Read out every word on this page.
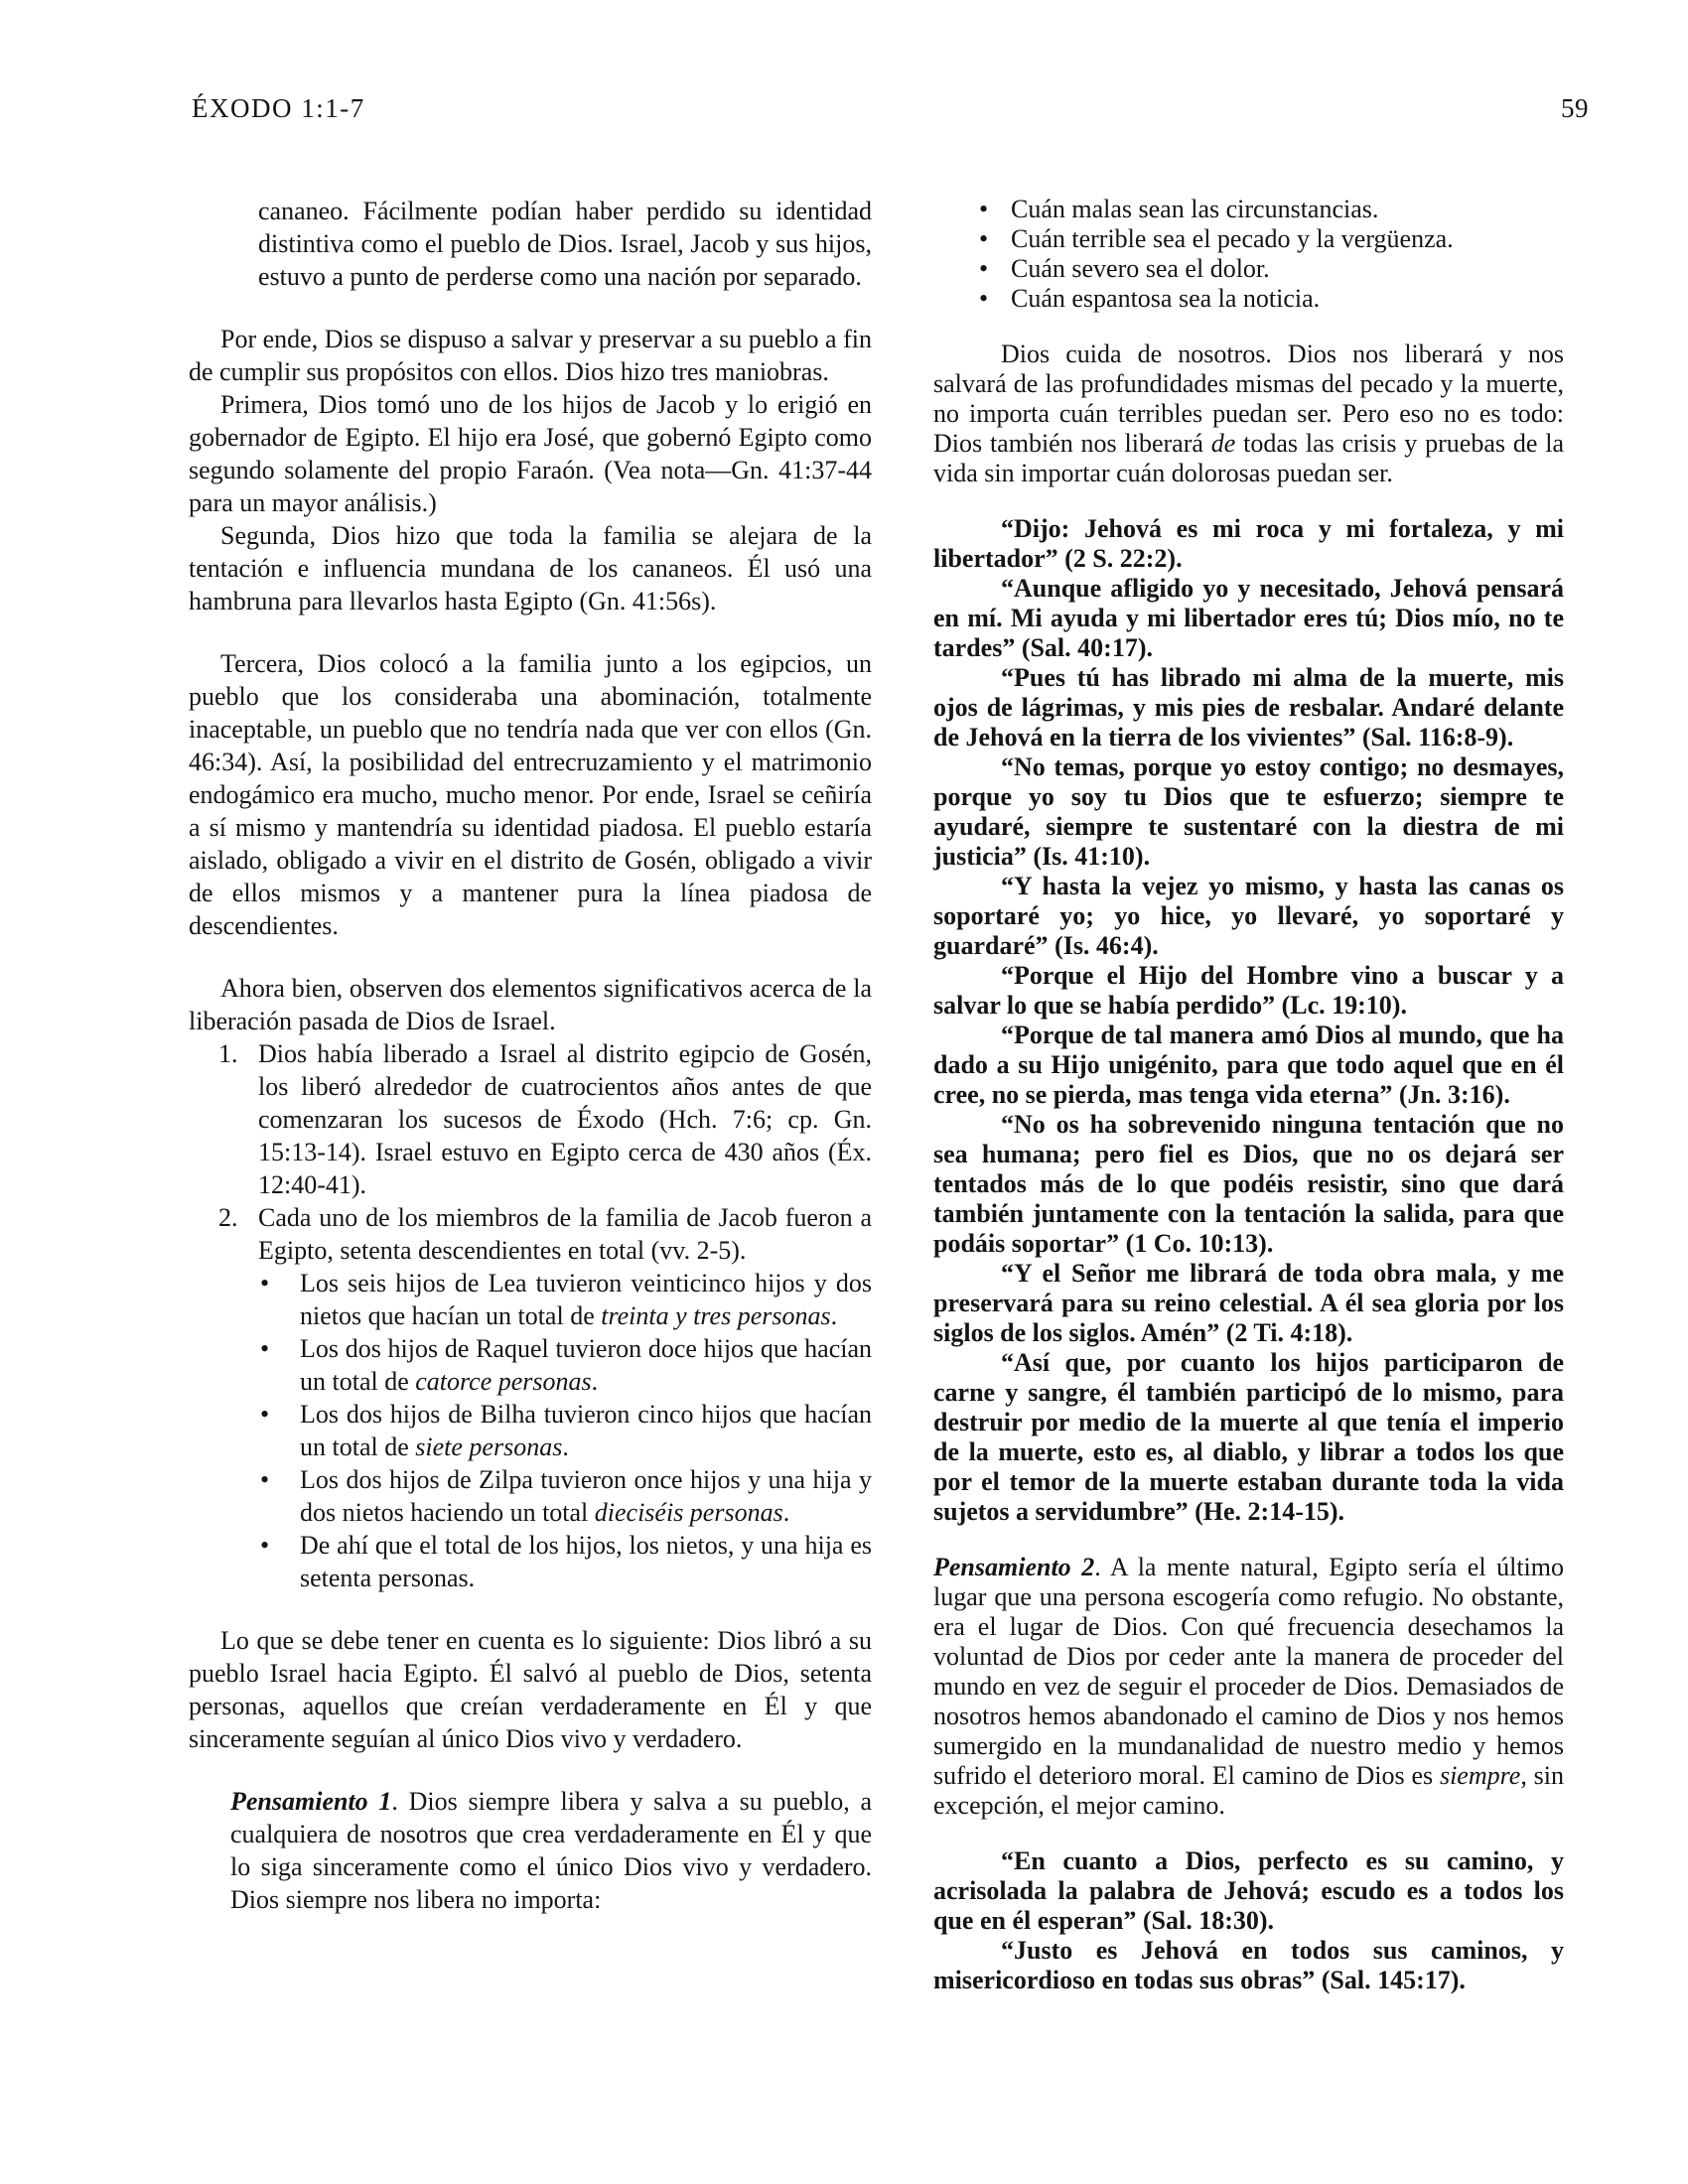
ÉXODO 1:1-7	59
cananeo. Fácilmente podían haber perdido su identidad distintiva como el pueblo de Dios. Israel, Jacob y sus hijos, estuvo a punto de perderse como una nación por separado.
Por ende, Dios se dispuso a salvar y preservar a su pueblo a fin de cumplir sus propósitos con ellos. Dios hizo tres maniobras.
Primera, Dios tomó uno de los hijos de Jacob y lo erigió en gobernador de Egipto. El hijo era José, que gobernó Egipto como segundo solamente del propio Faraón. (Vea nota—Gn. 41:37-44 para un mayor análisis.)
Segunda, Dios hizo que toda la familia se alejara de la tentación e influencia mundana de los cananeos. Él usó una hambruna para llevarlos hasta Egipto (Gn. 41:56s).
Tercera, Dios colocó a la familia junto a los egipcios, un pueblo que los consideraba una abominación, totalmente inaceptable, un pueblo que no tendría nada que ver con ellos (Gn. 46:34). Así, la posibilidad del entrecruzamiento y el matrimonio endogámico era mucho, mucho menor. Por ende, Israel se ceñiría a sí mismo y mantendría su identidad piadosa. El pueblo estaría aislado, obligado a vivir en el distrito de Gosén, obligado a vivir de ellos mismos y a mantener pura la línea piadosa de descendientes.
Ahora bien, observen dos elementos significativos acerca de la liberación pasada de Dios de Israel.
1. Dios había liberado a Israel al distrito egipcio de Gosén, los liberó alrededor de cuatrocientos años antes de que comenzaran los sucesos de Éxodo (Hch. 7:6; cp. Gn. 15:13-14). Israel estuvo en Egipto cerca de 430 años (Éx. 12:40-41).
2. Cada uno de los miembros de la familia de Jacob fueron a Egipto, setenta descendientes en total (vv. 2-5).
• Los seis hijos de Lea tuvieron veinticinco hijos y dos nietos que hacían un total de treinta y tres personas.
• Los dos hijos de Raquel tuvieron doce hijos que hacían un total de catorce personas.
• Los dos hijos de Bilha tuvieron cinco hijos que hacían un total de siete personas.
• Los dos hijos de Zilpa tuvieron once hijos y una hija y dos nietos haciendo un total dieciséis personas.
• De ahí que el total de los hijos, los nietos, y una hija es setenta personas.
Lo que se debe tener en cuenta es lo siguiente: Dios libró a su pueblo Israel hacia Egipto. Él salvó al pueblo de Dios, setenta personas, aquellos que creían verdaderamente en Él y que sinceramente seguían al único Dios vivo y verdadero.
Pensamiento 1. Dios siempre libera y salva a su pueblo, a cualquiera de nosotros que crea verdaderamente en Él y que lo siga sinceramente como el único Dios vivo y verdadero. Dios siempre nos libera no importa:
• Cuán malas sean las circunstancias.
• Cuán terrible sea el pecado y la vergüenza.
• Cuán severo sea el dolor.
• Cuán espantosa sea la noticia.
Dios cuida de nosotros. Dios nos liberará y nos salvará de las profundidades mismas del pecado y la muerte, no importa cuán terribles puedan ser. Pero eso no es todo: Dios también nos liberará de todas las crisis y pruebas de la vida sin importar cuán dolorosas puedan ser.
“Dijo: Jehová es mi roca y mi fortaleza, y mi libertador” (2 S. 22:2).
“Aunque afligido yo y necesitado, Jehová pensará en mí. Mi ayuda y mi libertador eres tú; Dios mío, no te tardes” (Sal. 40:17).
“Pues tú has librado mi alma de la muerte, mis ojos de lágrimas, y mis pies de resbalar. Andaré delante de Jehová en la tierra de los vivientes” (Sal. 116:8-9).
“No temas, porque yo estoy contigo; no desmayes, porque yo soy tu Dios que te esfuerzo; siempre te ayudaré, siempre te sustentaré con la diestra de mi justicia” (Is. 41:10).
“Y hasta la vejez yo mismo, y hasta las canas os soportaré yo; yo hice, yo llevaré, yo soportaré y guardaré” (Is. 46:4).
“Porque el Hijo del Hombre vino a buscar y a salvar lo que se había perdido” (Lc. 19:10).
“Porque de tal manera amó Dios al mundo, que ha dado a su Hijo unigénito, para que todo aquel que en él cree, no se pierda, mas tenga vida eterna” (Jn. 3:16).
“No os ha sobrevenido ninguna tentación que no sea humana; pero fiel es Dios, que no os dejará ser tentados más de lo que podéis resistir, sino que dará también juntamente con la tentación la salida, para que podáis soportar” (1 Co. 10:13).
“Y el Señor me librará de toda obra mala, y me preservará para su reino celestial. A él sea gloria por los siglos de los siglos. Amén” (2 Ti. 4:18).
“Así que, por cuanto los hijos participaron de carne y sangre, él también participó de lo mismo, para destruir por medio de la muerte al que tenía el imperio de la muerte, esto es, al diablo, y librar a todos los que por el temor de la muerte estaban durante toda la vida sujetos a servidumbre” (He. 2:14-15).
Pensamiento 2. A la mente natural, Egipto sería el último lugar que una persona escogería como refugio. No obstante, era el lugar de Dios. Con qué frecuencia desechamos la voluntad de Dios por ceder ante la manera de proceder del mundo en vez de seguir el proceder de Dios. Demasiados de nosotros hemos abandonado el camino de Dios y nos hemos sumergido en la mundanalidad de nuestro medio y hemos sufrido el deterioro moral. El camino de Dios es siempre, sin excepción, el mejor camino.
“En cuanto a Dios, perfecto es su camino, y acrisolada la palabra de Jehová; escudo es a todos los que en él esperan” (Sal. 18:30).
“Justo es Jehová en todos sus caminos, y misericordioso en todas sus obras” (Sal. 145:17).
